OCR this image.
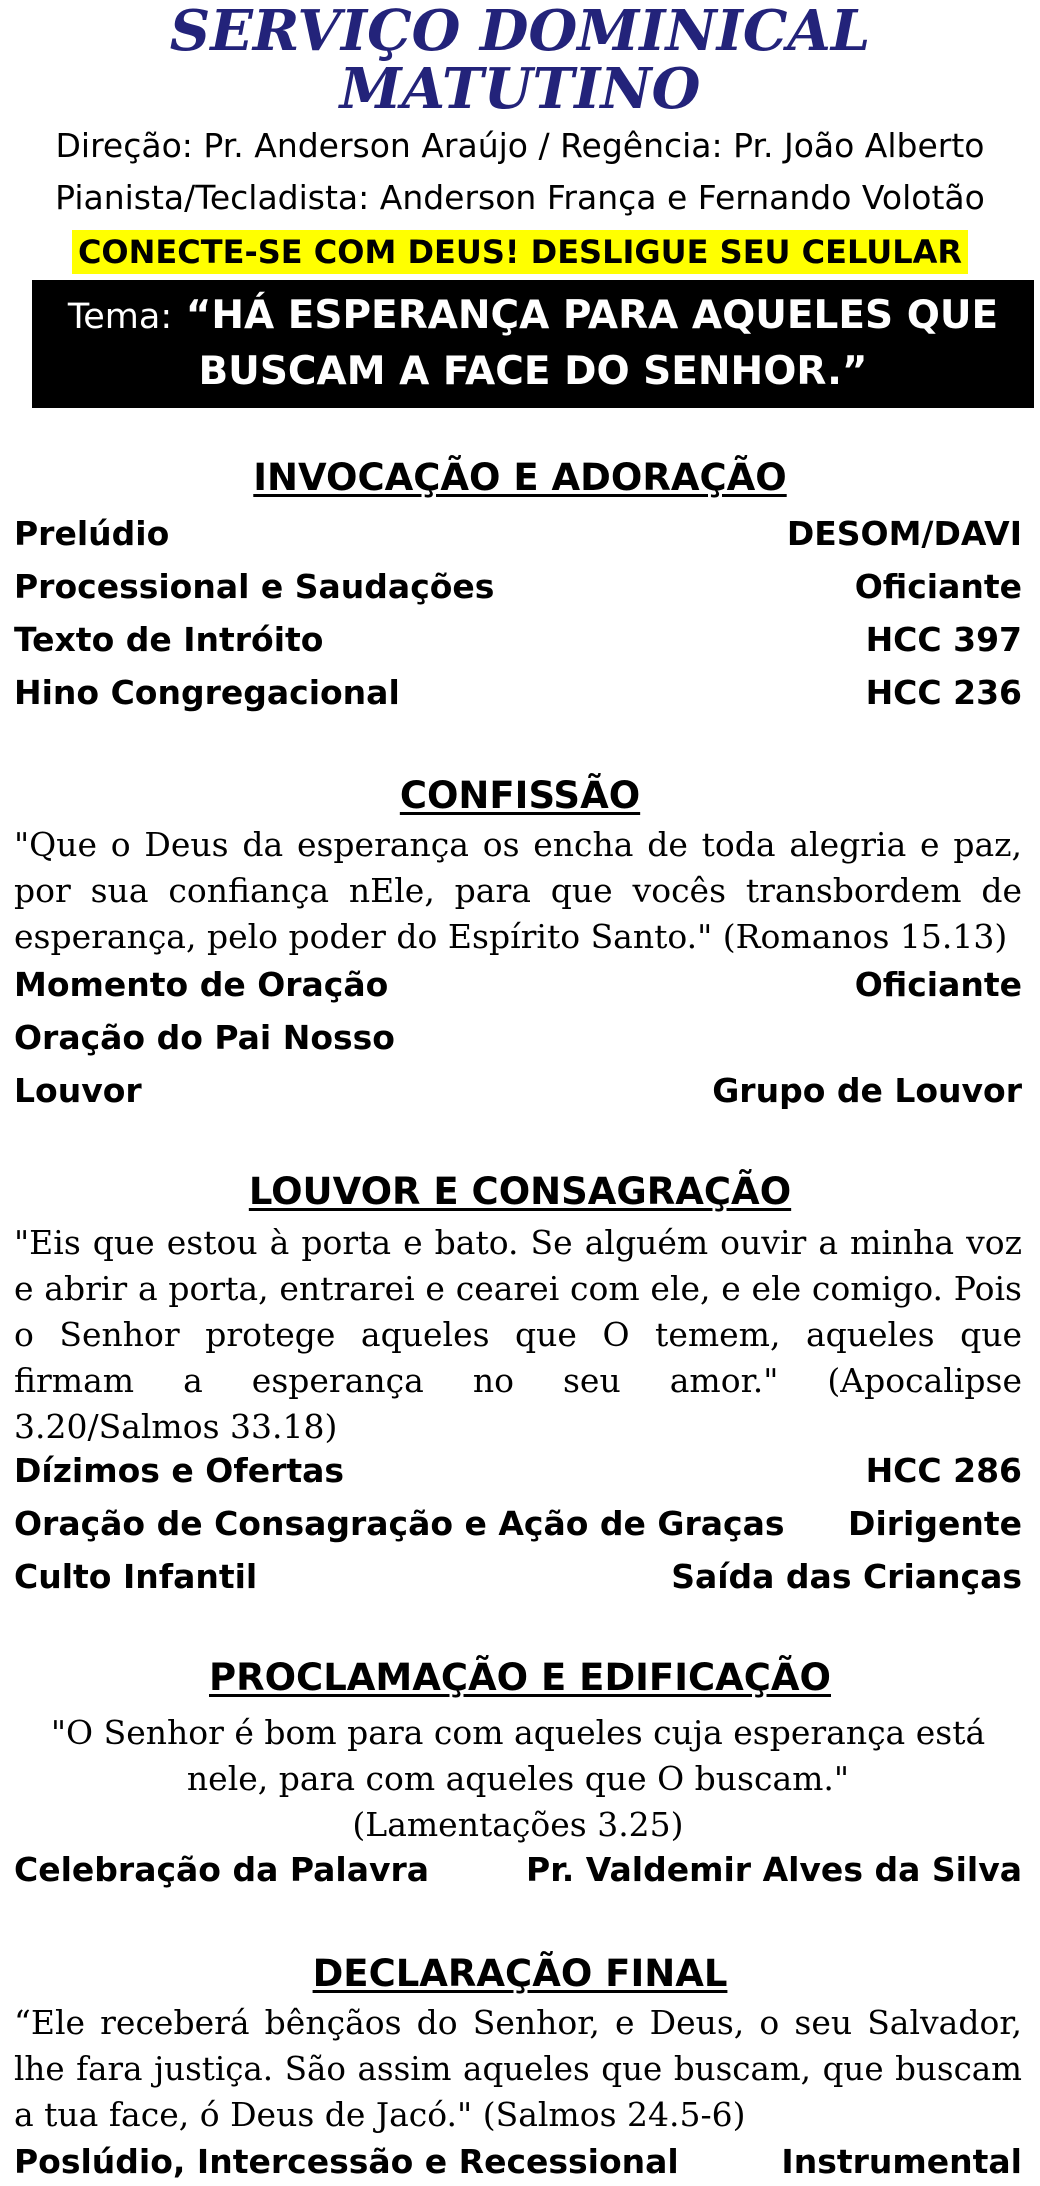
SERVIÇO DOMINICAL
MATUTINO
Direção: Pr. Anderson Araújo / Regência: Pr. João Alberto
Pianista/Tecladista: Anderson França e Fernando Volotão
CONECTE-SE COM DEUS! DESLIGUE SEU CELULAR
Tema: “HÁ ESPERANÇA PARA AQUELES QUE
BUSCAM A FACE DO SENHOR.”
INVOCAÇÃO E ADORAÇÃO
Prelúdio	DESOM/DAVI
Processional e Saudações	Oficiante
Texto de Intróito	HCC 397
Hino Congregacional	HCC 236
CONFISSÃO
"Que o Deus da esperança os encha de toda alegria e paz,
por sua confiança nEle, para que vocês transbordem de
esperança, pelo poder do Espírito Santo." (Romanos 15.13)
Momento de Oração	Oficiante
Oração do Pai Nosso
Louvor	Grupo de Louvor
LOUVOR E CONSAGRAÇÃO
"Eis que estou à porta e bato. Se alguém ouvir a minha voz
e abrir a porta, entrarei e cearei com ele, e ele comigo. Pois
o Senhor protege aqueles que O temem, aqueles que
firmam a esperança no seu amor." (Apocalipse
3.20/Salmos 33.18)
Dízimos e Ofertas	HCC 286
Oração de Consagração e Ação de Graças Dirigente
Culto Infantil	Saída das Crianças
PROCLAMAÇÃO E EDIFICAÇÃO
"O Senhor é bom para com aqueles cuja esperança está
nele, para com aqueles que O buscam."
(Lamentações 3.25)
Celebração da Palavra	Pr. Valdemir Alves da Silva
DECLARAÇÃO FINAL
“Ele receberá bênçãos do Senhor, e Deus, o seu Salvador,
lhe fara justiça. São assim aqueles que buscam, que buscam
a tua face, ó Deus de Jacó." (Salmos 24.5-6)
Poslúdio, Intercessão e Recessional	Instrumental
